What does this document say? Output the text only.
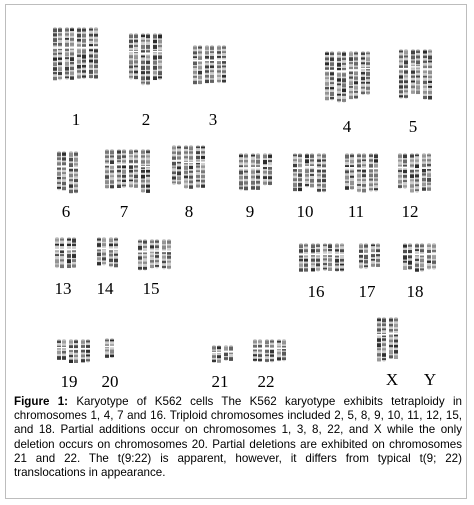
1	2	3	4	5
6	7	8	9 10 11 12
13 14 15	16 17 18
19 20	21 22	X Y
Figure 1: Karyotype of K562 cells The K562 karyotype exhibits tetraploidy in chromosomes 1, 4, 7 and 16. Triploid chromosomes included 2, 5, 8, 9, 10, 11, 12, 15, and 18. Partial additions occur on chromosomes 1, 3, 8, 22, and X while the only deletion occurs on chromosomes 20. Partial deletions are exhibited on chromosomes 21 and 22. The t(9:22) is apparent, however, it differs from typical t(9; 22) translocations in appearance.
